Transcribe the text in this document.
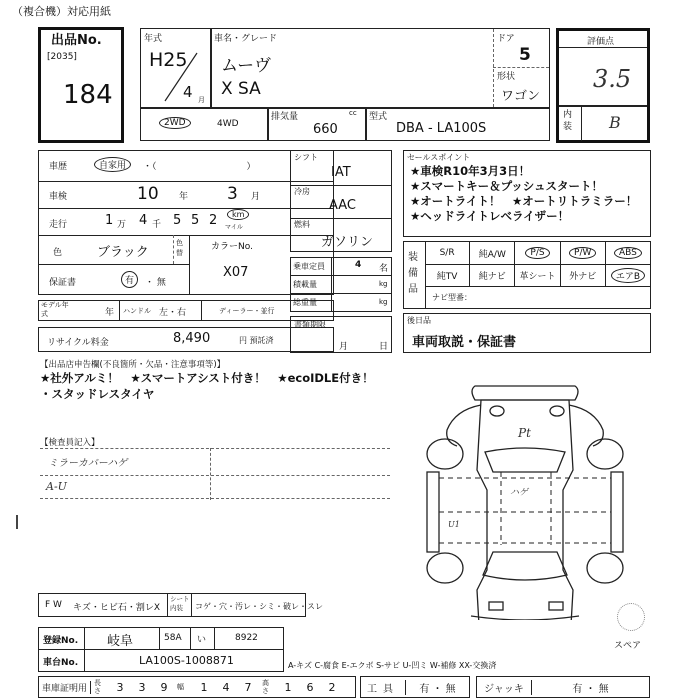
（複合機）対応用紙
出品No.
[2035]
184
年式
H25
4 月
車名・グレード
ムーヴ
X SA
ドア
5
形状
ワゴン
2WD	4WD
排気量	cc
660
型式
DBA - LA100S
評価点
3.5
内装 B
車歴	自家用	・（　　　　　　　　　　）
車検	10 年 3 月
走行	1 万 4 千 5 5 2	km
マイル
色	ブラック
色替
カラーNo.
X07
保証書	有	・ 無
モデル年式	年 ハンドル 左・右	ディーラー・並行
リサイクル料金	8,490	円 預託済
シフト
IAT
冷房
AAC
燃料
ガソリン
乗車定員	4 名
積載量	kg
総重量	kg
書類期限
月	日
セールスポイント
★車検R10年3月3日！
★スマートキー＆プッシュスタート！
★オートライト！　★オートリトラミラー！
★ヘッドライトレベライザー！
装備品
S/R	純A/W	P/S	P/W	ABS
純TV	純ナビ	革シート	外ナビ	エアB
ナビ型番：
後日品
車両取説・保証書
【出品店申告欄(不良箇所・欠品・注意事項等)】
★社外アルミ！　★スマートアシスト付き！　★ecoIDLE付き！
・スタッドレスタイヤ
【検査員記入】
ミラーカバーハゲ
A-U
Pt
ハゲ
U1
スペア
F W キズ・ヒビ石・割レX
シート内装	コゲ・穴・汚レ・シミ・破レ・スレ
登録No. 岐阜	58A い	8922
車台No.	LA100S-1008871	A-キズ C-腐食 E-エクボ S-サビ U-凹ミ W-補修 XX-交換済
車庫証明用
長さ	3	3	9	幅	1	4	7	高さ	1	6	2	工具	有 ・ 無	ジャッキ	有 ・ 無
